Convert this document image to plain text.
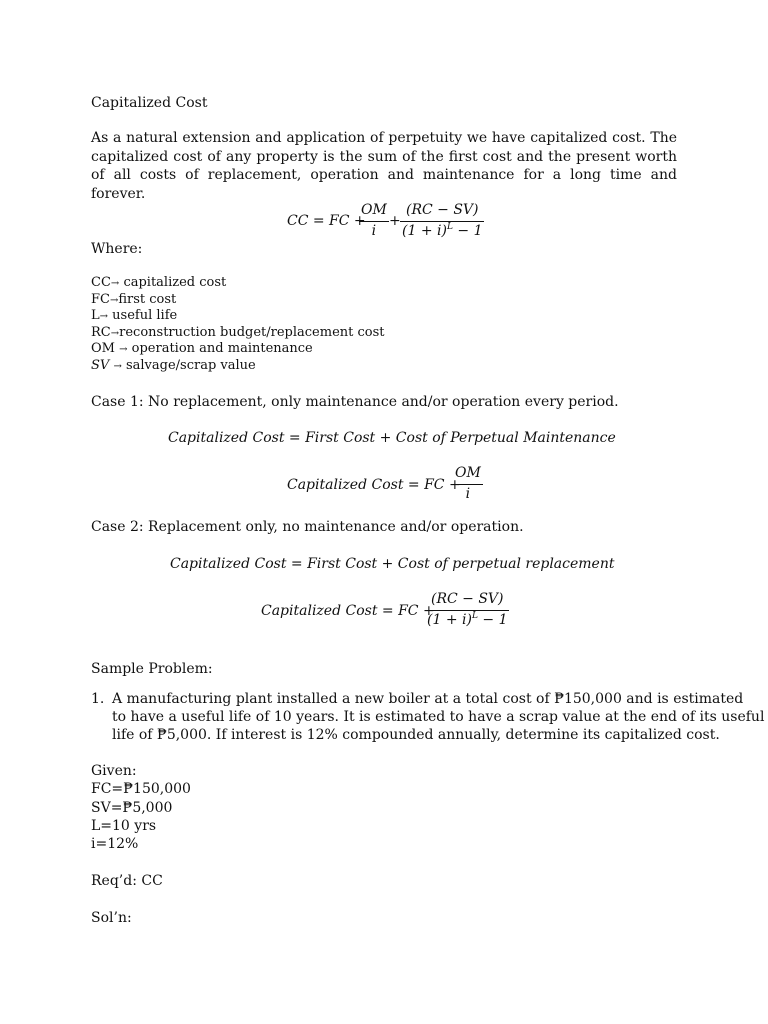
Capitalized Cost
As a natural extension and application of perpetuity we have capitalized cost. The capitalized cost of any property is the sum of the first cost and the present worth of all costs of replacement, operation and maintenance for a long time and forever.
CC = FC +
OM
i
+
(RC − SV)
$(1 + i)^L - 1$
Where:
CC→ capitalized cost
FC→first cost
L→ useful life
RC→reconstruction budget/replacement cost
OM → operation and maintenance
SV → salvage/scrap value
Case 1: No replacement, only maintenance and/or operation every period.
Capitalized Cost = First Cost + Cost of Perpetual Maintenance
Capitalized Cost = FC +
OM
i
Case 2: Replacement only, no maintenance and/or operation.
Capitalized Cost = First Cost + Cost of perpetual replacement
Capitalized Cost = FC +
(RC − SV)
$(1 + i)^L - 1$
Sample Problem:
1. A manufacturing plant installed a new boiler at a total cost of ₱150,000 and is estimated
to have a useful life of 10 years. It is estimated to have a scrap value at the end of its useful
life of ₱5,000. If interest is 12% compounded annually, determine its capitalized cost.
Given:
FC=₱150,000
SV=₱5,000
L=10 yrs
i=12%
Req’d: CC
Sol’n:
